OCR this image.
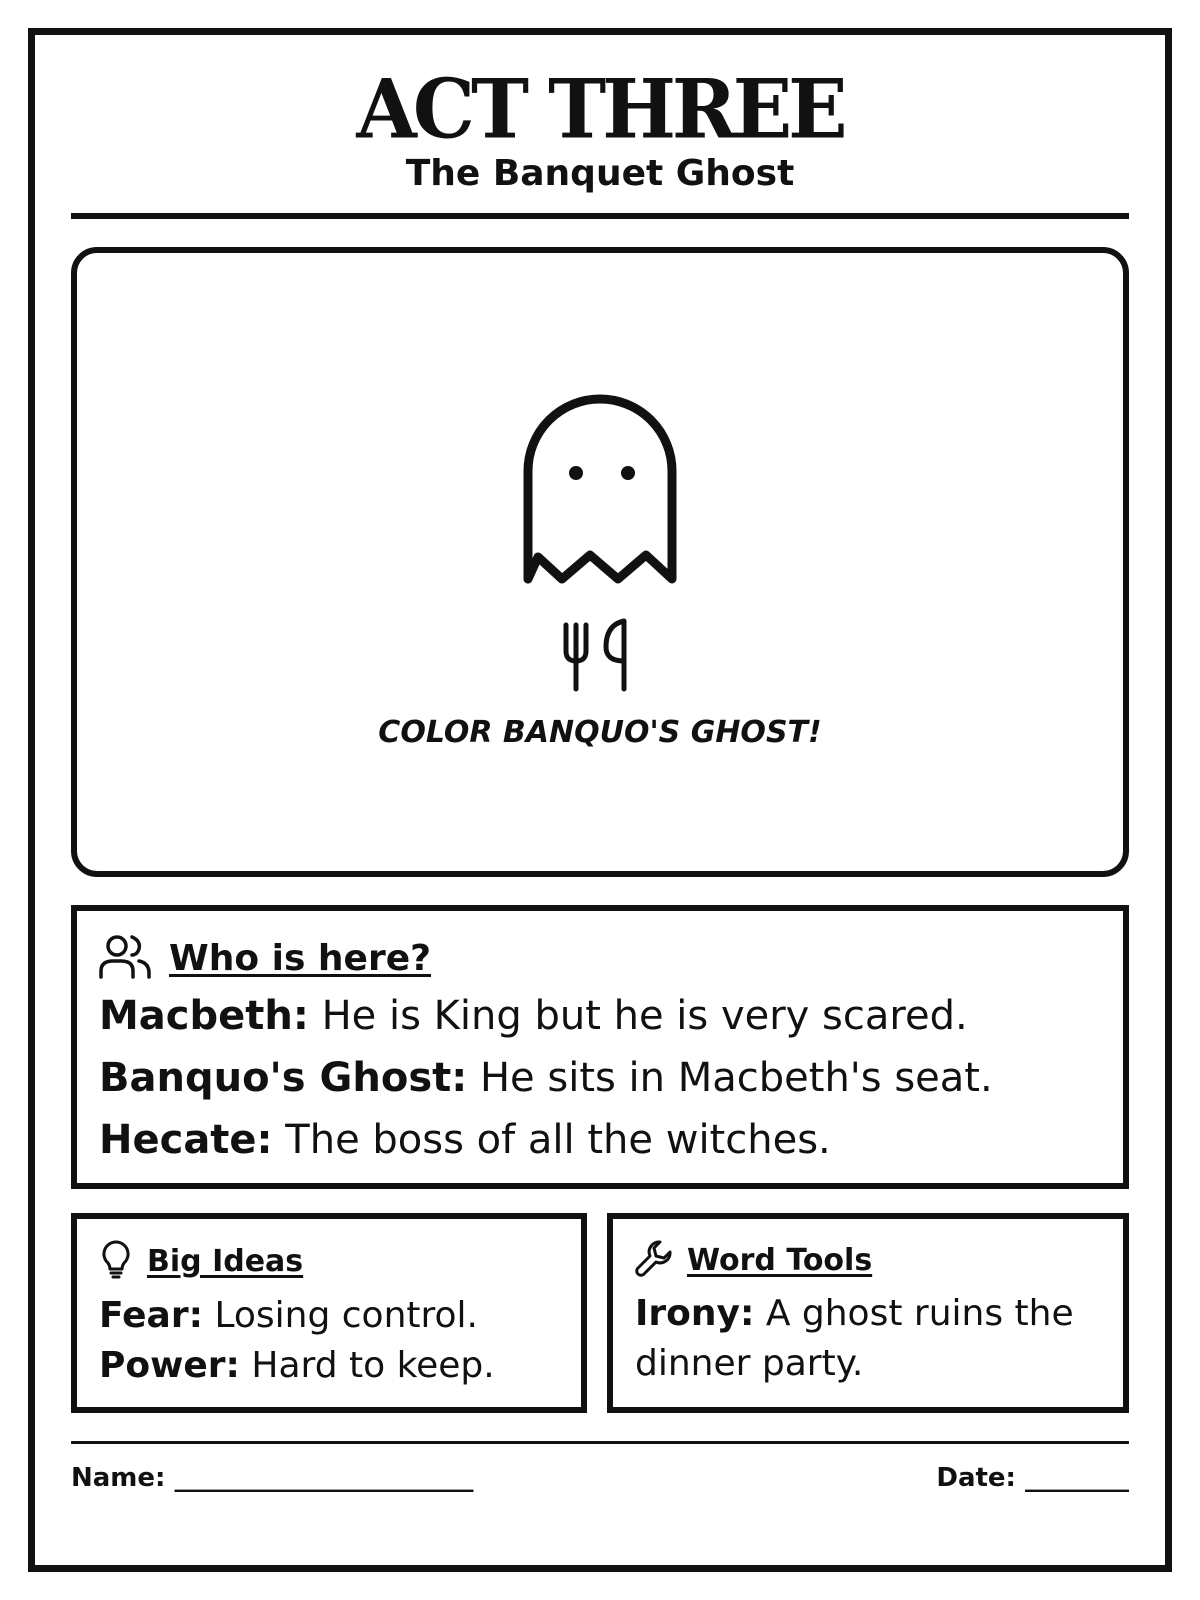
ACT THREE
The Banquet Ghost
COLOR BANQUO'S GHOST!
Who is here?
Macbeth: He is King but he is very scared.
Banquo's Ghost: He sits in Macbeth's seat.
Hecate: The boss of all the witches.
Big Ideas
Fear: Losing control.
Power: Hard to keep.
Word Tools
Irony: A ghost ruins the dinner party.
Name: _______________________	Date: ________
